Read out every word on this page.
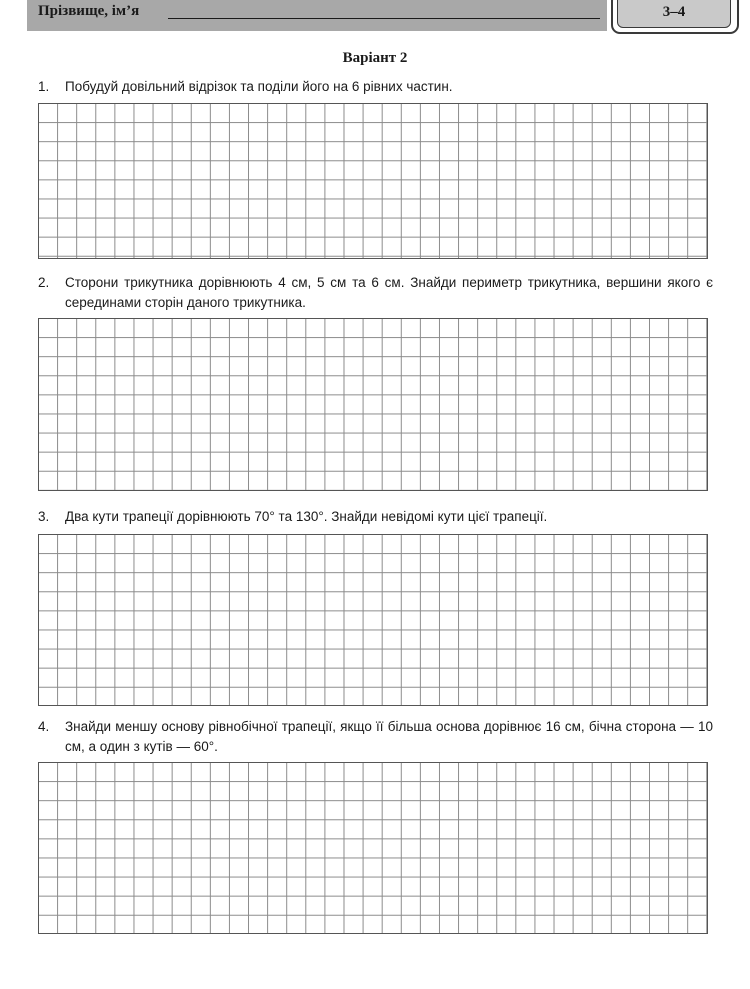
Прізвище, ім’я	3–4
Варіант 2
1. Побудуй довільний відрізок та поділи його на 6 рівних частин.
2. Сторони трикутника дорівнюють 4 см, 5 см та 6 см. Знайди периметр трикутника, вершини якого є серединами сторін даного трикутника.
3. Два кути трапеції дорівнюють 70° та 130°. Знайди невідомі кути цієї трапеції.
4. Знайди меншу основу рівнобічної трапеції, якщо її більша основа дорівнює 16 см, бічна сторона — 10 см, а один з кутів — 60°.
